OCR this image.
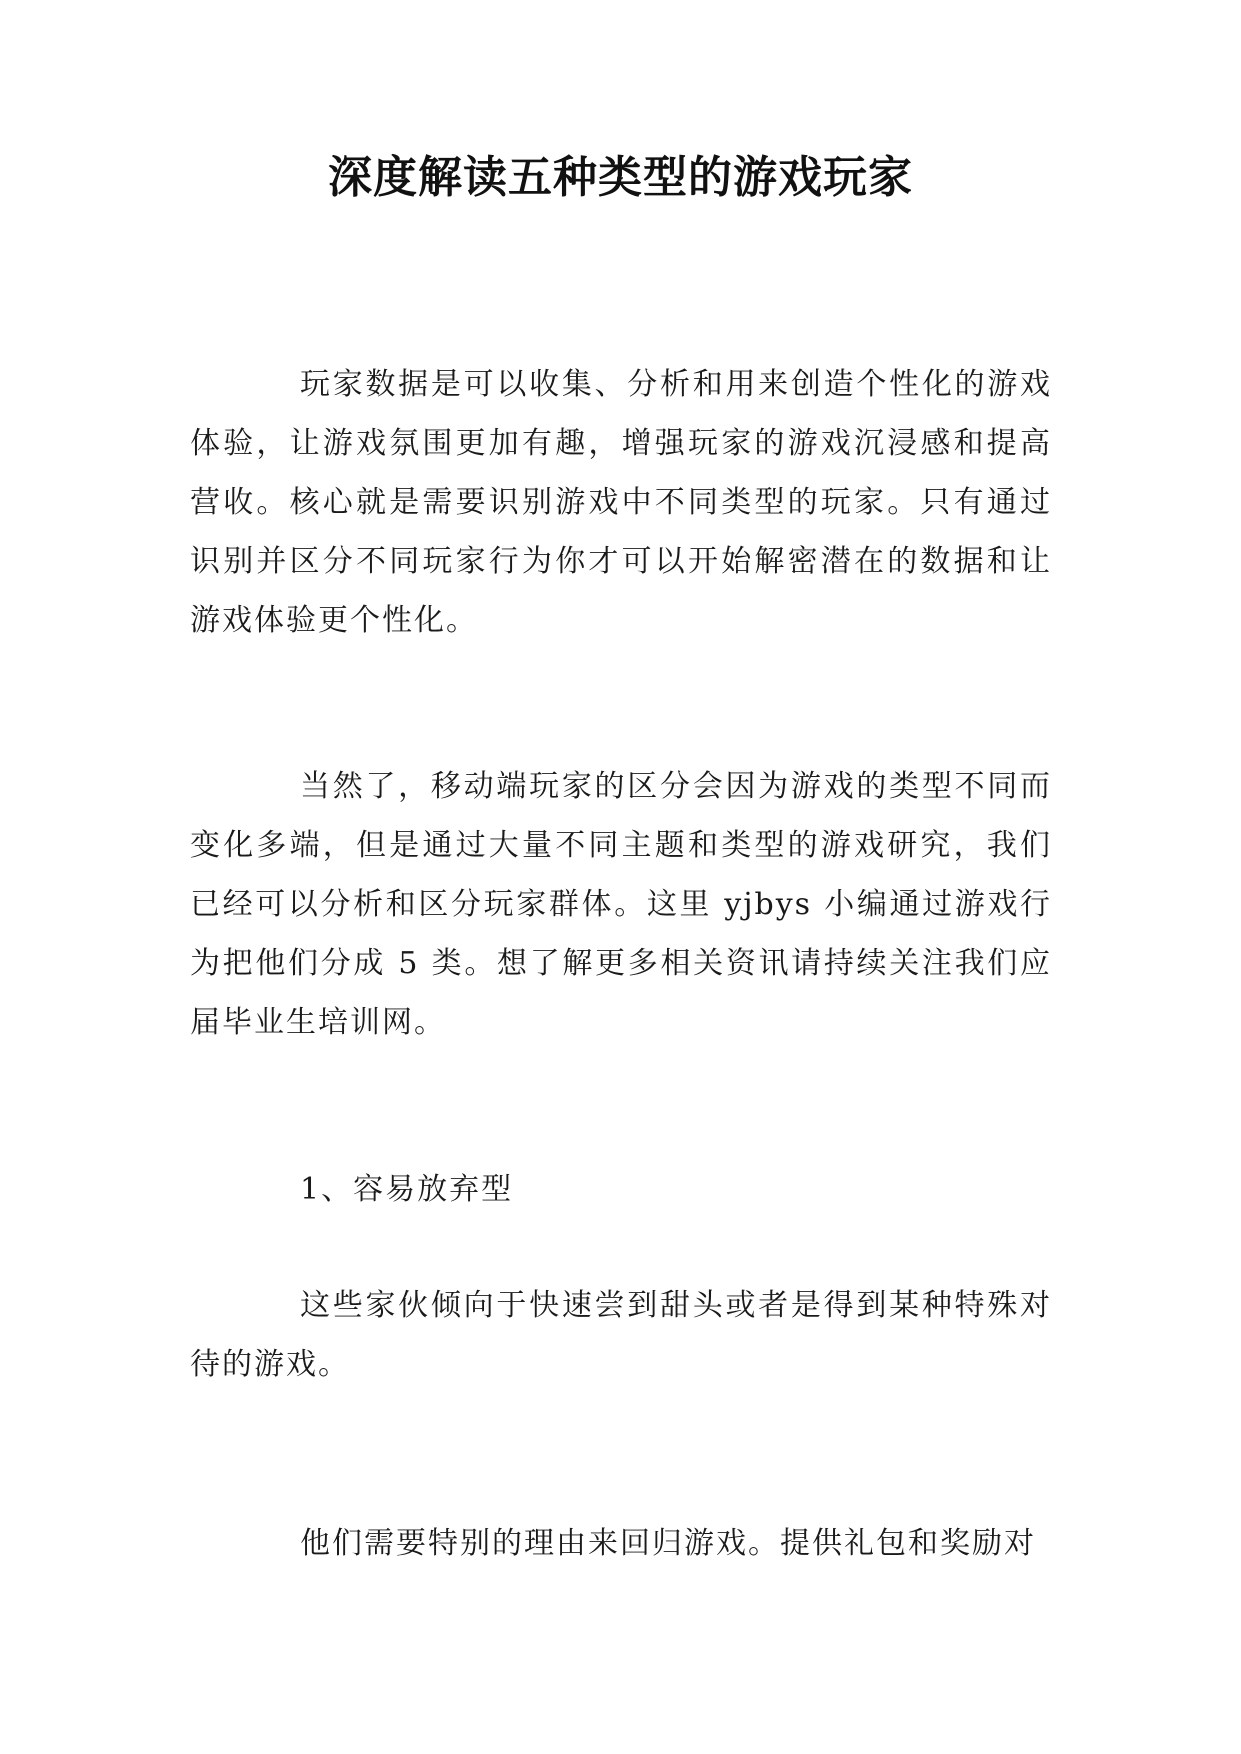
深度解读五种类型的游戏玩家

玩家数据是可以收集、分析和用来创造个性化的游戏体验，让游戏氛围更加有趣，增强玩家的游戏沉浸感和提高营收。核心就是需要识别游戏中不同类型的玩家。只有通过识别并区分不同玩家行为你才可以开始解密潜在的数据和让游戏体验更个性化。

当然了，移动端玩家的区分会因为游戏的类型不同而变化多端，但是通过大量不同主题和类型的游戏研究，我们已经可以分析和区分玩家群体。这里 yjbys 小编通过游戏行为把他们分成 5 类。想了解更多相关资讯请持续关注我们应届毕业生培训网。

1、容易放弃型

这些家伙倾向于快速尝到甜头或者是得到某种特殊对待的游戏。

他们需要特别的理由来回归游戏。提供礼包和奖励对
